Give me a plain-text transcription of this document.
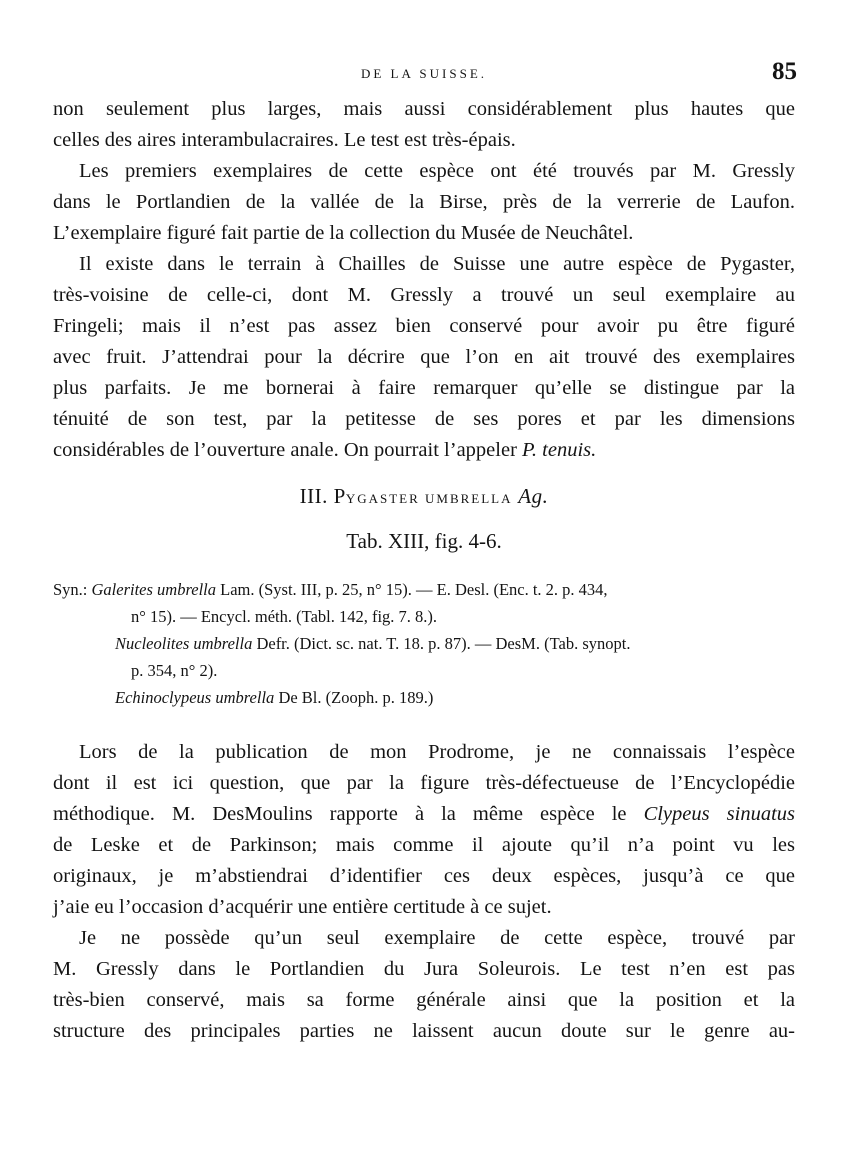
DE LA SUISSE.	85

non seulement plus larges, mais aussi considérablement plus hautes que
celles des aires interambulacraires. Le test est très-épais.

Les premiers exemplaires de cette espèce ont été trouvés par M. Gressly
dans le Portlandien de la vallée de la Birse, près de la verrerie de Laufon.
L’exemplaire figuré fait partie de la collection du Musée de Neuchâtel.

Il existe dans le terrain à Chailles de Suisse une autre espèce de Pygaster,
très-voisine de celle-ci, dont M. Gressly a trouvé un seul exemplaire au
Fringeli; mais il n’est pas assez bien conservé pour avoir pu être figuré
avec fruit. J’attendrai pour la décrire que l’on en ait trouvé des exemplaires
plus parfaits. Je me bornerai à faire remarquer qu’elle se distingue par la
ténuité de son test, par la petitesse de ses pores et par les dimensions
considérables de l’ouverture anale. On pourrait l’appeler P. tenuis.

III. PYGASTER UMBRELLA Ag.
Tab. XIII, fig. 4-6.
Syn.: Galerites umbrella Lam. (Syst. III, p. 25, n° 15). — E. Desl. (Enc. t. 2. p. 434,
n° 15). — Encycl. méth. (Tabl. 142, fig. 7. 8.).
Nucleolites umbrella Defr. (Dict. sc. nat. T. 18. p. 87). — DesM. (Tab. synopt.
p. 354, n° 2).
Echinoclypeus umbrella De Bl. (Zooph. p. 189.)

Lors de la publication de mon Prodrome, je ne connaissais l’espèce
dont il est ici question, que par la figure très-défectueuse de l’Encyclopédie
méthodique. M. DesMoulins rapporte à la même espèce le Clypeus sinuatus
de Leske et de Parkinson; mais comme il ajoute qu’il n’a point vu les
originaux, je m’abstiendrai d’identifier ces deux espèces, jusqu’à ce que
j’aie eu l’occasion d’acquérir une entière certitude à ce sujet.

Je ne possède qu’un seul exemplaire de cette espèce, trouvé par
M. Gressly dans le Portlandien du Jura Soleurois. Le test n’en est pas
très-bien conservé, mais sa forme générale ainsi que la position et la
structure des principales parties ne laissent aucun doute sur le genre au-
